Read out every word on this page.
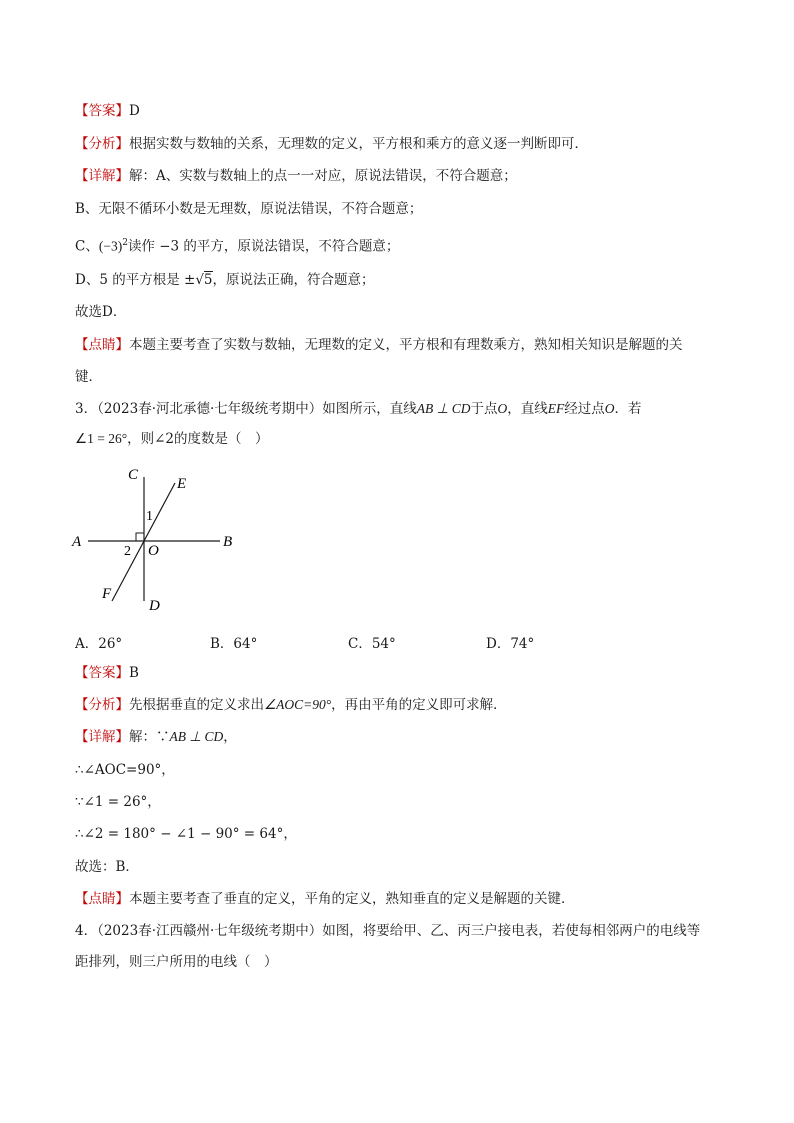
【答案】D
【分析】根据实数与数轴的关系，无理数的定义，平方根和乘方的意义逐一判断即可．
【详解】解：A、实数与数轴上的点一一对应，原说法错误，不符合题意；
B、无限不循环小数是无理数，原说法错误，不符合题意；
C、$(-3)^2$读作 −3 的平方，原说法错误，不符合题意；
D、5 的平方根是 ±√5，原说法正确，符合题意；
故选D．
【点睛】本题主要考查了实数与数轴，无理数的定义，平方根和有理数乘方，熟知相关知识是解题的关
键．
3．（2023春·河北承德·七年级统考期中）如图所示，直线AB ⊥ CD于点O，直线EF经过点O．若
∠1 = 26°，则∠2的度数是（　）
C
E
A	B
O
F
D
1
2
A．26°	B．64°	C．54°	D．74°
【答案】B
【分析】先根据垂直的定义求出∠AOC=90°，再由平角的定义即可求解．
【详解】解：∵AB ⊥ CD，
∴∠AOC=90°，
∵∠1 = 26°，
∴∠2 = 180° − ∠1 − 90° = 64°，
故选：B．
【点睛】本题主要考查了垂直的定义，平角的定义，熟知垂直的定义是解题的关键．
4．（2023春·江西赣州·七年级统考期中）如图，将要给甲、乙、丙三户接电表，若使每相邻两户的电线等
距排列，则三户所用的电线（　）
